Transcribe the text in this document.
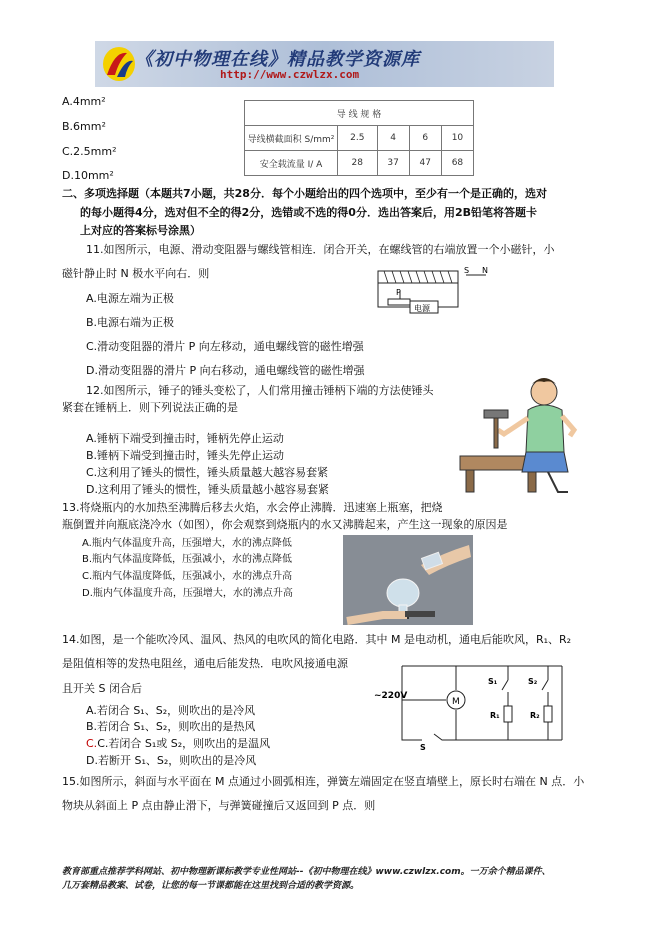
《初中物理在线》精品教学资源库
http://www.czwlzx.com
A.4mm²
B.6mm²
C.2.5mm²
D.10mm²
导 线 规 格				
导线横截面积 S/mm²	2.5	4	6	10
安全载流量 I/ A	28	37	47	68
二、多项选择题（本题共7小题，共28分．每个小题给出的四个选项中，至少有一个是正确的，选对
的每小题得4分，选对但不全的得2分，选错或不选的得0分．选出答案后，用2B铅笔将答题卡
上对应的答案标号涂黑）
11.如图所示，电源、滑动变阻器与螺线管相连．闭合开关，在螺线管的右端放置一个小磁针，小
磁针静止时 N 极水平向右．则
A.电源左端为正极
B.电源右端为正极
C.滑动变阻器的滑片 P 向左移动，通电螺线管的磁性增强
D.滑动变阻器的滑片 P 向右移动，通电螺线管的磁性增强
P
S N
电源
12.如图所示，锤子的锤头变松了，人们常用撞击锤柄下端的方法使锤头
紧套在锤柄上．则下列说法正确的是
A.锤柄下端受到撞击时，锤柄先停止运动
B.锤柄下端受到撞击时，锤头先停止运动
C.这利用了锤头的惯性，锤头质量越大越容易套紧
D.这利用了锤头的惯性，锤头质量越小越容易套紧
13.将烧瓶内的水加热至沸腾后移去火焰，水会停止沸腾．迅速塞上瓶塞，把烧
瓶倒置并向瓶底浇冷水（如图），你会观察到烧瓶内的水又沸腾起来，产生这一现象的原因是
A.瓶内气体温度升高，压强增大，水的沸点降低
B.瓶内气体温度降低，压强减小，水的沸点降低
C.瓶内气体温度降低，压强减小，水的沸点升高
D.瓶内气体温度升高，压强增大，水的沸点升高
14.如图，是一个能吹冷风、温风、热风的电吹风的简化电路．其中 M 是电动机，通电后能吹风，R₁、R₂
是阻值相等的发热电阻丝，通电后能发热．电吹风接通电源
且开关 S 闭合后
A.若闭合 S₁、S₂，则吹出的是冷风
B.若闭合 S₁、S₂，则吹出的是热风
C.C.若闭合 S₁或 S₂，则吹出的是温风
D.若断开 S₁、S₂，则吹出的是冷风
M
~220V
S
S₁	S₂
R₁	R₂
15.如图所示，斜面与水平面在 M 点通过小圆弧相连，弹簧左端固定在竖直墙壁上，原长时右端在 N 点．小
物块从斜面上 P 点由静止滑下，与弹簧碰撞后又返回到 P 点．则
教育部重点推荐学科网站、初中物理新课标教学专业性网站--《初中物理在线》www.czwlzx.com。一万余个精品课件、
几万套精品教案、试卷，让您的每一节课都能在这里找到合适的教学资源。
